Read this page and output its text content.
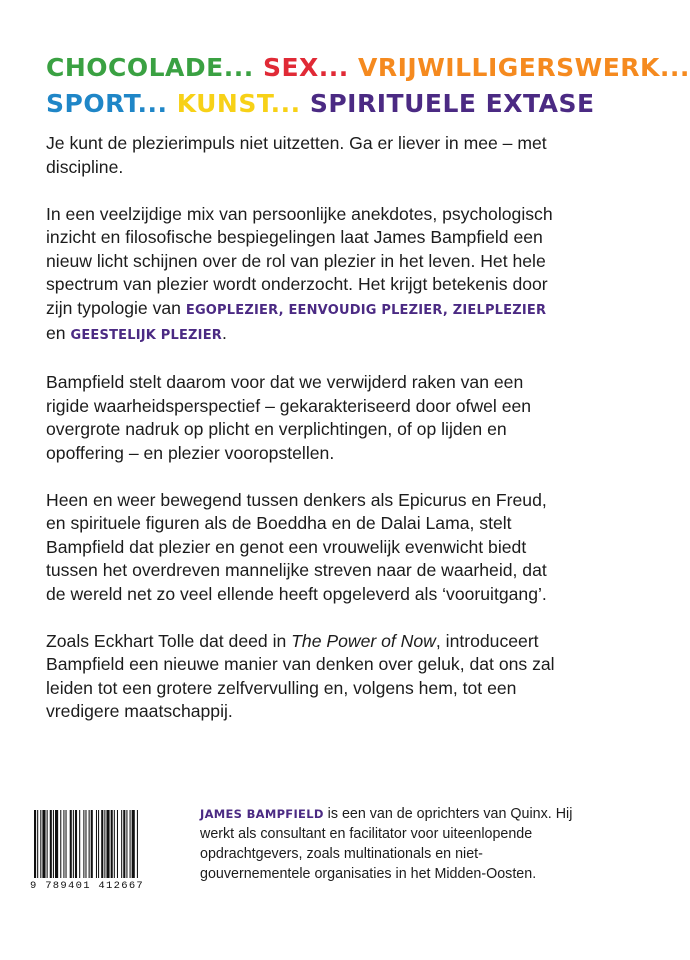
CHOCOLADE... SEX... VRIJWILLIGERSWERK...
SPORT... KUNST... SPIRITUELE EXTASE

Je kunt de plezierimpuls niet uitzetten. Ga er liever in mee – met discipline.

In een veelzijdige mix van persoonlijke anekdotes, psychologisch inzicht en filosofische bespiegelingen laat James Bampfield een nieuw licht schijnen over de rol van plezier in het leven. Het hele spectrum van plezier wordt onderzocht. Het krijgt betekenis door zijn typologie van EGOPLEZIER, EENVOUDIG PLEZIER, ZIELPLEZIER en GEESTELIJK PLEZIER.

Bampfield stelt daarom voor dat we verwijderd raken van een rigide waarheidsperspectief – gekarakteriseerd door ofwel een overgrote nadruk op plicht en verplichtingen, of op lijden en opoffering – en plezier vooropstellen.

Heen en weer bewegend tussen denkers als Epicurus en Freud, en spirituele figuren als de Boeddha en de Dalai Lama, stelt Bampfield dat plezier en genot een vrouwelijk evenwicht biedt tussen het overdreven mannelijke streven naar de waarheid, dat de wereld net zo veel ellende heeft opgeleverd als ‘vooruitgang’.

Zoals Eckhart Tolle dat deed in The Power of Now, introduceert Bampfield een nieuwe manier van denken over geluk, dat ons zal leiden tot een grotere zelfvervulling en, volgens hem, tot een vredigere maatschappij.

9 789401 412667
JAMES BAMPFIELD is een van de oprichters van Quinx. Hij werkt als consultant en facilitator voor uiteenlopende opdrachtgevers, zoals multinationals en niet-gouvernementele organisaties in het Midden-Oosten.
